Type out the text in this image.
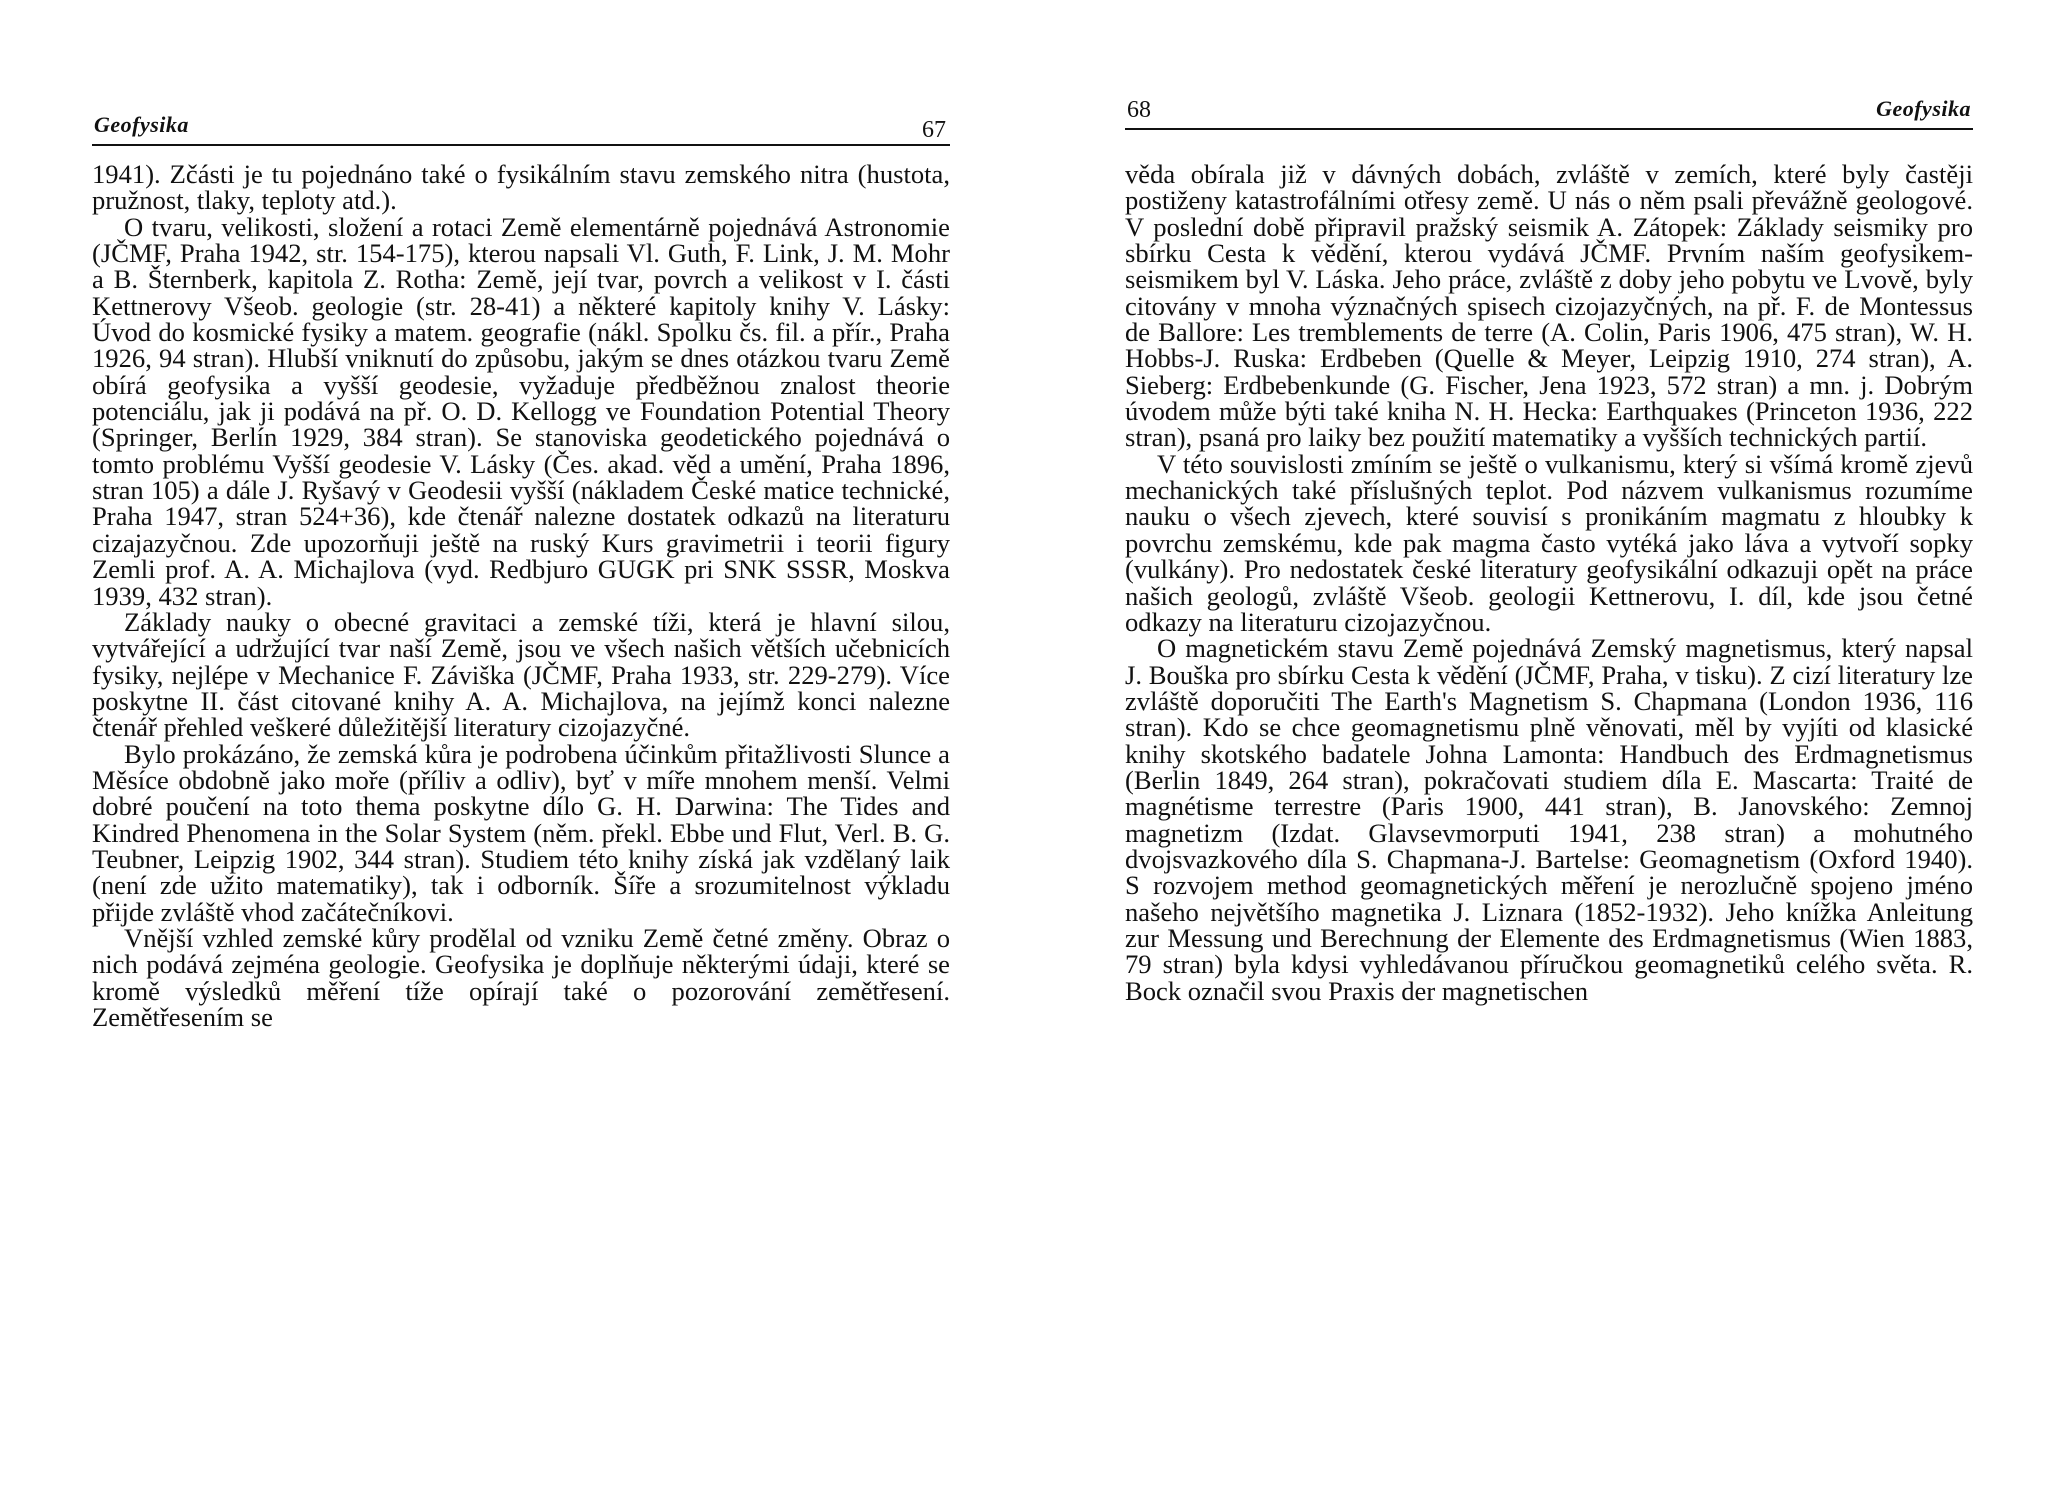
Geofysika	67

1941). Zčásti je tu pojednáno také o fysikálním stavu zemského nitra (hustota, pružnost, tlaky, teploty atd.).

O tvaru, velikosti, složení a rotaci Země elementárně pojednává Astronomie (JČMF, Praha 1942, str. 154-175), kterou napsali Vl. Guth, F. Link, J. M. Mohr a B. Šternberk, kapitola Z. Rotha: Země, její tvar, povrch a velikost v I. části Kettnerovy Všeob. geologie (str. 28-41) a některé kapitoly knihy V. Lásky: Úvod do kosmické fysiky a matem. geografie (nákl. Spolku čs. fil. a přír., Praha 1926, 94 stran). Hlubší vniknutí do způsobu, jakým se dnes otázkou tvaru Země obírá geofysika a vyšší geodesie, vyžaduje předběžnou znalost theorie potenciálu, jak ji podává na př. O. D. Kellogg ve Foundation Potential Theory (Springer, Berlín 1929, 384 stran). Se stanoviska geodetického pojednává o tomto problému Vyšší geodesie V. Lásky (Čes. akad. věd a umění, Praha 1896, stran 105) a dále J. Ryšavý v Geodesii vyšší (nákladem České matice technické, Praha 1947, stran 524+36), kde čtenář nalezne dostatek odkazů na literaturu cizajazyčnou. Zde upozorňuji ještě na ruský Kurs gravimetrii i teorii figury Zemli prof. A. A. Michajlova (vyd. Redbjuro GUGK pri SNK SSSR, Moskva 1939, 432 stran).

Základy nauky o obecné gravitaci a zemské tíži, která je hlavní silou, vytvářející a udržující tvar naší Země, jsou ve všech našich větších učebnicích fysiky, nejlépe v Mechanice F. Záviška (JČMF, Praha 1933, str. 229-279). Více poskytne II. část citované knihy A. A. Michajlova, na jejímž konci nalezne čtenář přehled veškeré důležitější literatury cizojazyčné.

Bylo prokázáno, že zemská kůra je podrobena účinkům přitažlivosti Slunce a Měsíce obdobně jako moře (příliv a odliv), byť v míře mnohem menší. Velmi dobré poučení na toto thema poskytne dílo G. H. Darwina: The Tides and Kindred Phenomena in the Solar System (něm. překl. Ebbe und Flut, Verl. B. G. Teubner, Leipzig 1902, 344 stran). Studiem této knihy získá jak vzdělaný laik (není zde užito matematiky), tak i odborník. Šíře a srozumitelnost výkladu přijde zvláště vhod začátečníkovi.

Vnější vzhled zemské kůry prodělal od vzniku Země četné změny. Obraz o nich podává zejména geologie. Geofysika je doplňuje některými údaji, které se kromě výsledků měření tíže opírají také o pozorování zemětřesení. Zemětřesením se

68	Geofysika

věda obírala již v dávných dobách, zvláště v zemích, které byly častěji postiženy katastrofálními otřesy země. U nás o něm psali převážně geologové. V poslední době připravil pražský seismik A. Zátopek: Základy seismiky pro sbírku Cesta k vědění, kterou vydává JČMF. Prvním naším geofysikem-seismikem byl V. Láska. Jeho práce, zvláště z doby jeho pobytu ve Lvově, byly citovány v mnoha význačných spisech cizojazyčných, na př. F. de Montessus de Ballore: Les tremblements de terre (A. Colin, Paris 1906, 475 stran), W. H. Hobbs-J. Ruska: Erdbeben (Quelle & Meyer, Leipzig 1910, 274 stran), A. Sieberg: Erdbebenkunde (G. Fischer, Jena 1923, 572 stran) a mn. j. Dobrým úvodem může býti také kniha N. H. Hecka: Earthquakes (Princeton 1936, 222 stran), psaná pro laiky bez použití matematiky a vyšších technických partií.

V této souvislosti zmíním se ještě o vulkanismu, který si všímá kromě zjevů mechanických také příslušných teplot. Pod názvem vulkanismus rozumíme nauku o všech zjevech, které souvisí s pronikáním magmatu z hloubky k povrchu zemskému, kde pak magma často vytéká jako láva a vytvoří sopky (vulkány). Pro nedostatek české literatury geofysikální odkazuji opět na práce našich geologů, zvláště Všeob. geologii Kettnerovu, I. díl, kde jsou četné odkazy na literaturu cizojazyčnou.

O magnetickém stavu Země pojednává Zemský magnetismus, který napsal J. Bouška pro sbírku Cesta k vědění (JČMF, Praha, v tisku). Z cizí literatury lze zvláště doporučiti The Earth's Magnetism S. Chapmana (London 1936, 116 stran). Kdo se chce geomagnetismu plně věnovati, měl by vyjíti od klasické knihy skotského badatele Johna Lamonta: Handbuch des Erdmagnetismus (Berlin 1849, 264 stran), pokračovati studiem díla E. Mascarta: Traité de magnétisme terrestre (Paris 1900, 441 stran), B. Janovského: Zemnoj magnetizm (Izdat. Glavsevmorputi 1941, 238 stran) a mohutného dvojsvazkového díla S. Chapmana-J. Bartelse: Geomagnetism (Oxford 1940). S rozvojem method geomagnetických měření je nerozlučně spojeno jméno našeho největšího magnetika J. Liznara (1852-1932). Jeho knížka Anleitung zur Messung und Berechnung der Elemente des Erdmagnetismus (Wien 1883, 79 stran) byla kdysi vyhledávanou příručkou geomagnetiků celého světa. R. Bock označil svou Praxis der magnetischen
